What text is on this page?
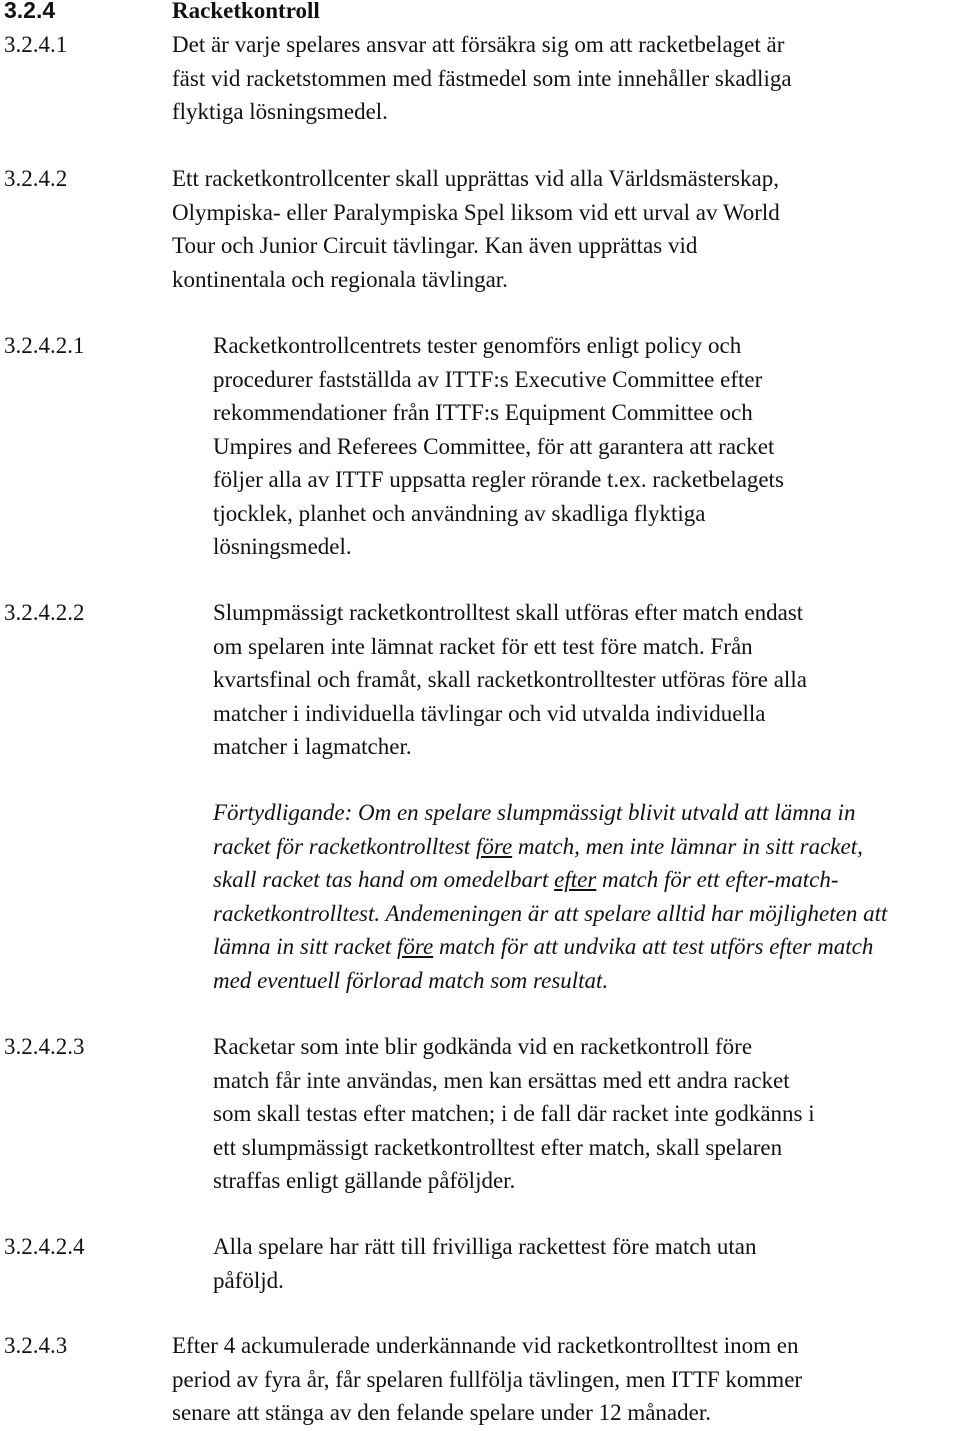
3.2.4	Racketkontroll
3.2.4.1	Det är varje spelares ansvar att försäkra sig om att racketbelaget är
fäst vid racketstommen med fästmedel som inte innehåller skadliga
flyktiga lösningsmedel.
3.2.4.2	Ett racketkontrollcenter skall upprättas vid alla Världsmästerskap,
Olympiska- eller Paralympiska Spel liksom vid ett urval av World
Tour och Junior Circuit tävlingar. Kan även upprättas vid
kontinentala och regionala tävlingar.
3.2.4.2.1	Racketkontrollcentrets tester genomförs enligt policy och
procedurer fastställda av ITTF:s Executive Committee efter
rekommendationer från ITTF:s Equipment Committee och
Umpires and Referees Committee, för att garantera att racket
följer alla av ITTF uppsatta regler rörande t.ex. racketbelagets
tjocklek, planhet och användning av skadliga flyktiga
lösningsmedel.
3.2.4.2.2	Slumpmässigt racketkontrolltest skall utföras efter match endast
om spelaren inte lämnat racket för ett test före match. Från
kvartsfinal och framåt, skall racketkontrolltester utföras före alla
matcher i individuella tävlingar och vid utvalda individuella
matcher i lagmatcher.
Förtydligande: Om en spelare slumpmässigt blivit utvald att lämna in
racket för racketkontrolltest före match, men inte lämnar in sitt racket,
skall racket tas hand om omedelbart efter match för ett efter-match-
racketkontrolltest. Andemeningen är att spelare alltid har möjligheten att
lämna in sitt racket före match för att undvika att test utförs efter match
med eventuell förlorad match som resultat.
3.2.4.2.3	Racketar som inte blir godkända vid en racketkontroll före
match får inte användas, men kan ersättas med ett andra racket
som skall testas efter matchen; i de fall där racket inte godkänns i
ett slumpmässigt racketkontrolltest efter match, skall spelaren
straffas enligt gällande påföljder.
3.2.4.2.4	Alla spelare har rätt till frivilliga rackettest före match utan
påföljd.
3.2.4.3	Efter 4 ackumulerade underkännande vid racketkontrolltest inom en
period av fyra år, får spelaren fullfölja tävlingen, men ITTF kommer
senare att stänga av den felande spelare under 12 månader.
